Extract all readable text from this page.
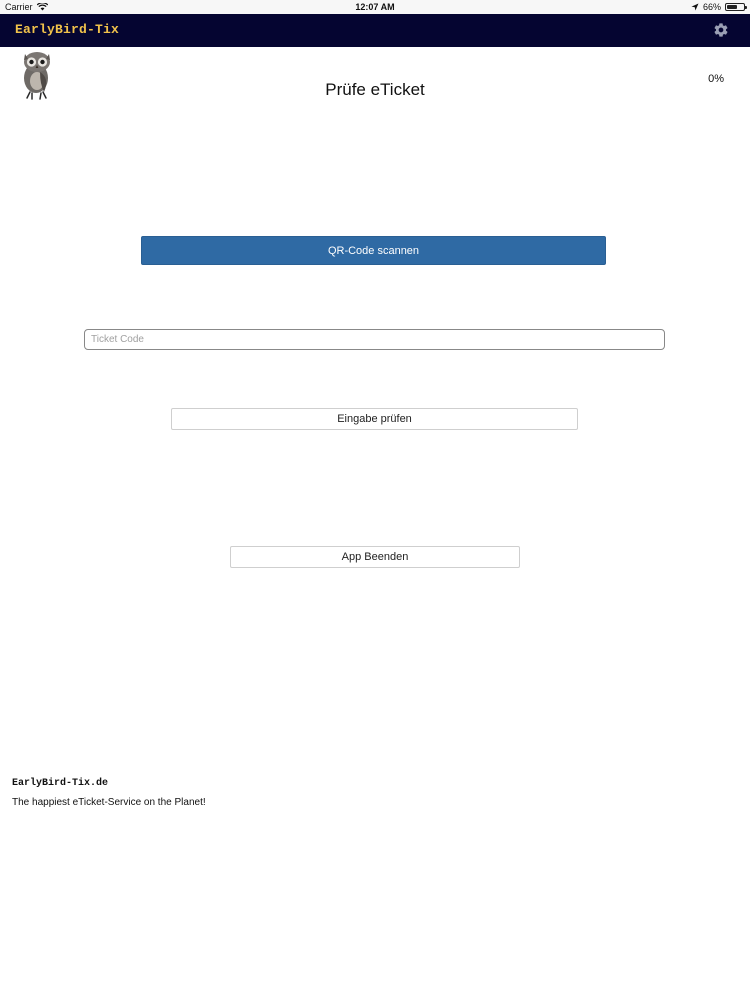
Carrier	12:07 AM	66%
EarlyBird-Tix
Prüfe eTicket
0%
QR-Code scannen
Ticket Code
Eingabe prüfen
App Beenden
EarlyBird-Tix.de
The happiest eTicket-Service on the Planet!
